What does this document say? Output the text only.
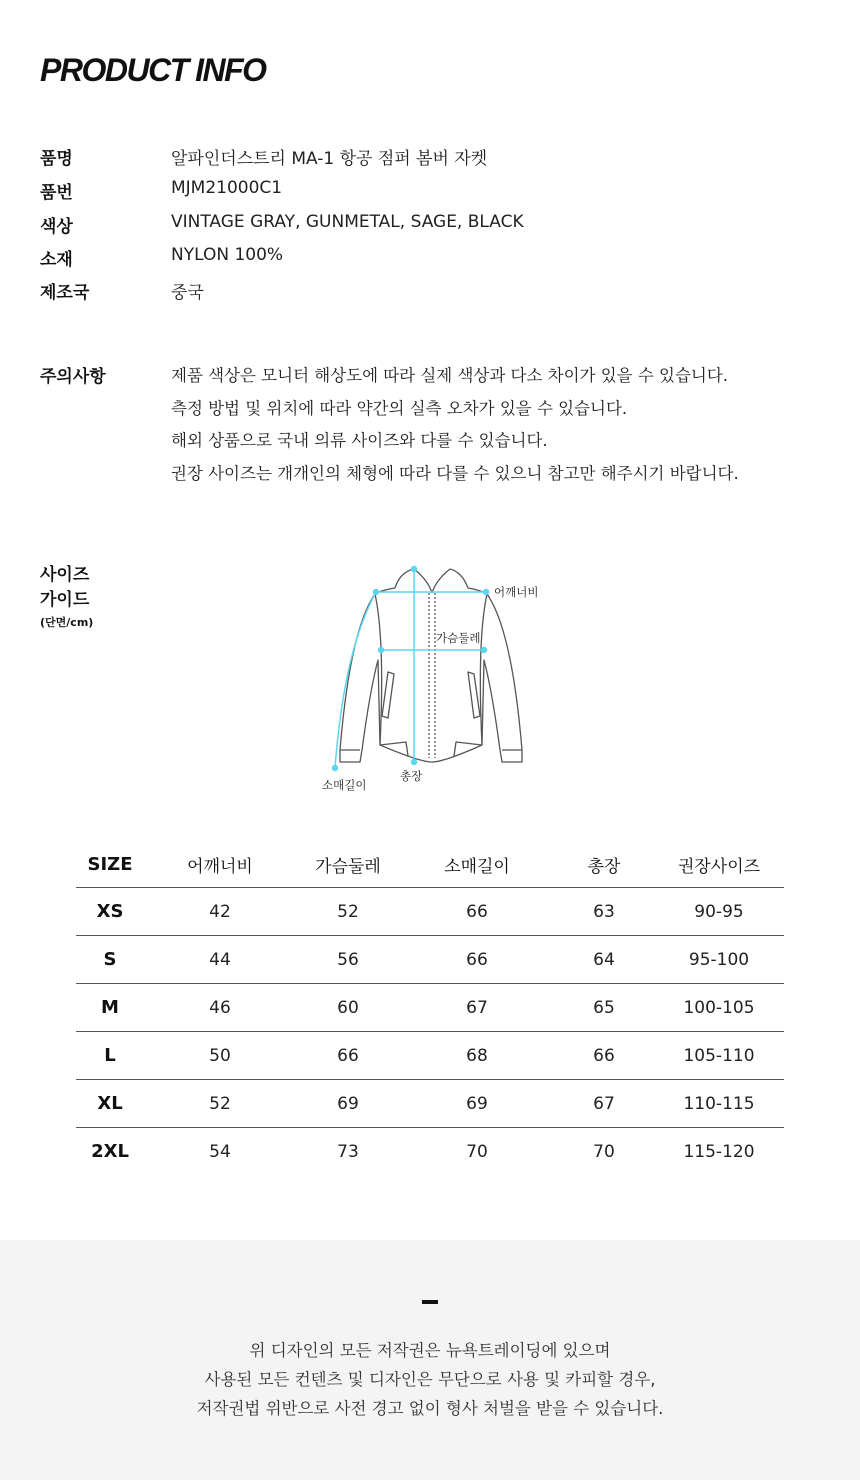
PRODUCT INFO
품명	알파인더스트리 MA-1 항공 점퍼 봄버 자켓
품번	MJM21000C1
색상	VINTAGE GRAY, GUNMETAL, SAGE, BLACK
소재	NYLON 100%
제조국	중국
주의사항	제품 색상은 모니터 해상도에 따라 실제 색상과 다소 차이가 있을 수 있습니다.
측정 방법 및 위치에 따라 약간의 실측 오차가 있을 수 있습니다.
해외 상품으로 국내 의류 사이즈와 다를 수 있습니다.
권장 사이즈는 개개인의 체형에 따라 다를 수 있으니 참고만 해주시기 바랍니다.
사이즈
가이드
(단면/cm)
어깨너비
가슴둘레
소매길이
총장
SIZE	어깨너비	가슴둘레	소매길이	총장	권장사이즈
XS	42	52	66	63	90-95
S	44	56	66	64	95-100
M	46	60	67	65	100-105
L	50	66	68	66	105-110
XL	52	69	69	67	110-115
2XL	54	73	70	70	115-120
위 디자인의 모든 저작권은 뉴욕트레이딩에 있으며
사용된 모든 컨텐츠 및 디자인은 무단으로 사용 및 카피할 경우,
저작권법 위반으로 사전 경고 없이 형사 처벌을 받을 수 있습니다.
